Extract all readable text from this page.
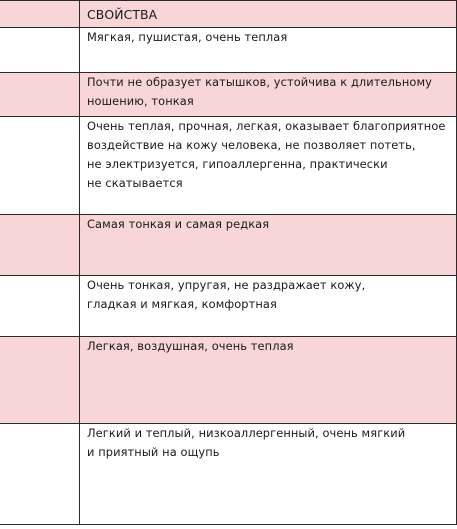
	СВОЙСТВА

	Мягкая, пушистая, очень теплая

	Почти не образует катышков, устойчива к длительному
ношению, тонкая

	Очень теплая, прочная, легкая, оказывает благоприятное
воздействие на кожу человека, не позволяет потеть,
не электризуется, гипоаллергенна, практически
не скатывается

	Самая тонкая и самая редкая

	Очень тонкая, упругая, не раздражает кожу,
гладкая и мягкая, комфортная

	Легкая, воздушная, очень теплая

	Легкий и теплый, низкоаллергенный, очень мягкий
и приятный на ощупь
